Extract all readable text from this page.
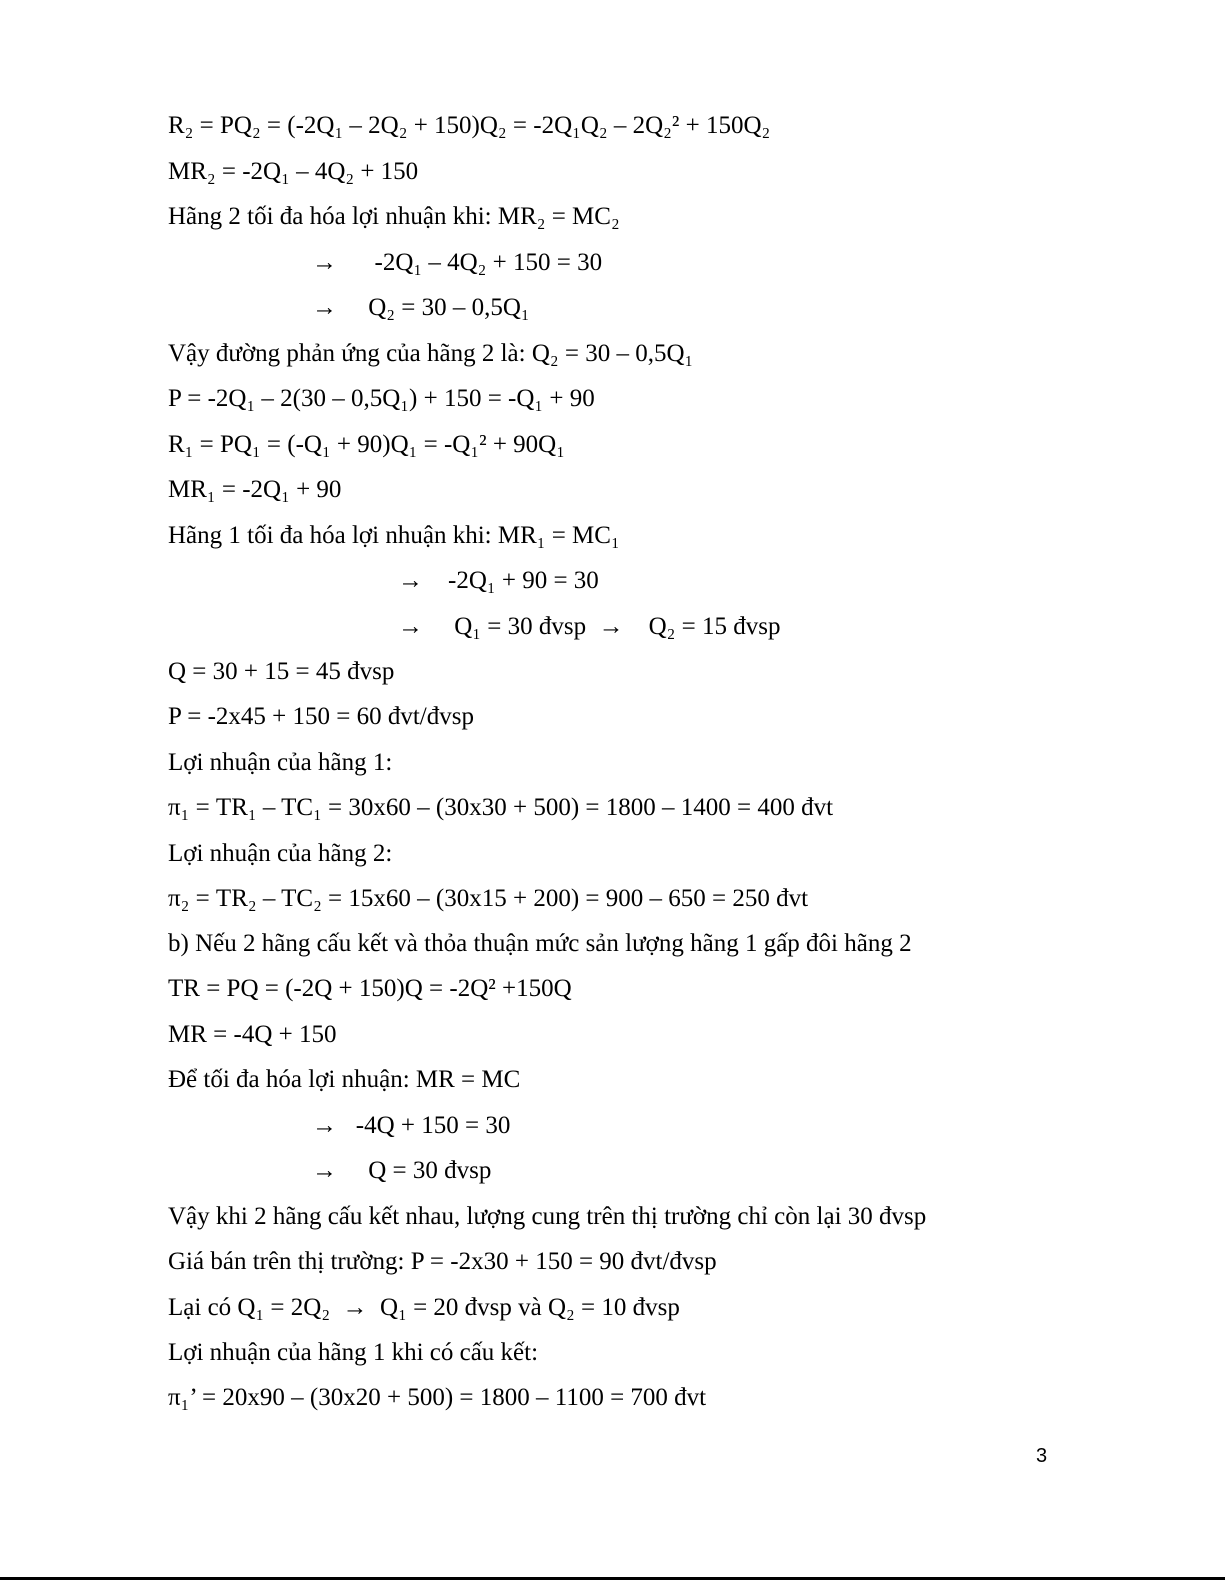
R₂ = PQ₂ = (-2Q₁ – 2Q₂ + 150)Q₂ = -2Q₁Q₂ – 2Q₂² + 150Q₂
MR₂ = -2Q₁ – 4Q₂ + 150
Hãng 2 tối đa hóa lợi nhuận khi: MR₂ = MC₂
→      -2Q₁ – 4Q₂ + 150 = 30
→     Q₂ = 30 – 0,5Q₁
Vậy đường phản ứng của hãng 2 là: Q₂ = 30 – 0,5Q₁
P = -2Q₁ – 2(30 – 0,5Q₁) + 150 = -Q₁ + 90
R₁ = PQ₁ = (-Q₁ + 90)Q₁ = -Q₁² + 90Q₁
MR₁ = -2Q₁ + 90
Hãng 1 tối đa hóa lợi nhuận khi: MR₁ = MC₁
→    -2Q₁ + 90 = 30
→     Q₁ = 30 đvsp  →    Q₂ = 15 đvsp
Q = 30 + 15 = 45 đvsp
P = -2x45 + 150 = 60 đvt/đvsp
Lợi nhuận của hãng 1:
π₁ = TR₁ – TC₁ = 30x60 – (30x30 + 500) = 1800 – 1400 = 400 đvt
Lợi nhuận của hãng 2:
π₂ = TR₂ – TC₂ = 15x60 – (30x15 + 200) = 900 – 650 = 250 đvt
b) Nếu 2 hãng cấu kết và thỏa thuận mức sản lượng hãng 1 gấp đôi hãng 2
TR = PQ = (-2Q + 150)Q = -2Q² +150Q
MR = -4Q + 150
Để tối đa hóa lợi nhuận: MR = MC
→   -4Q + 150 = 30
→     Q = 30 đvsp
Vậy khi 2 hãng cấu kết nhau, lượng cung trên thị trường chỉ còn lại 30 đvsp
Giá bán trên thị trường: P = -2x30 + 150 = 90 đvt/đvsp
Lại có Q₁ = 2Q₂  →  Q₁ = 20 đvsp và Q₂ = 10 đvsp
Lợi nhuận của hãng 1 khi có cấu kết:
π₁’ = 20x90 – (30x20 + 500) = 1800 – 1100 = 700 đvt
3
